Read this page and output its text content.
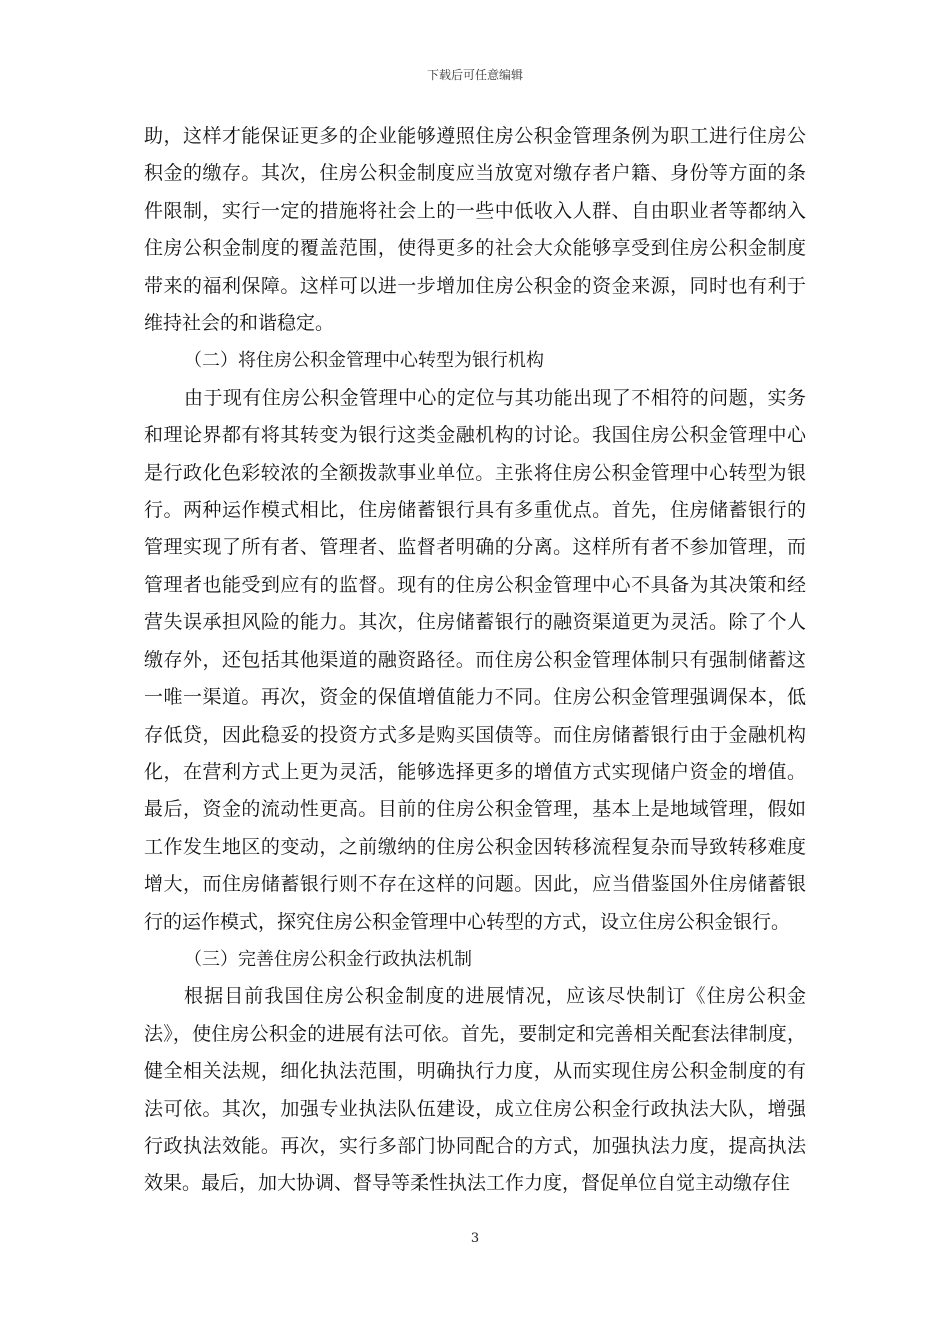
下载后可任意编辑

助，这样才能保证更多的企业能够遵照住房公积金管理条例为职工进行住房公积金的缴存。其次，住房公积金制度应当放宽对缴存者户籍、身份等方面的条件限制，实行一定的措施将社会上的一些中低收入人群、自由职业者等都纳入住房公积金制度的覆盖范围，使得更多的社会大众能够享受到住房公积金制度带来的福利保障。这样可以进一步增加住房公积金的资金来源，同时也有利于维持社会的和谐稳定。

（二）将住房公积金管理中心转型为银行机构

由于现有住房公积金管理中心的定位与其功能出现了不相符的问题，实务和理论界都有将其转变为银行这类金融机构的讨论。我国住房公积金管理中心是行政化色彩较浓的全额拨款事业单位。主张将住房公积金管理中心转型为银行。两种运作模式相比，住房储蓄银行具有多重优点。首先，住房储蓄银行的管理实现了所有者、管理者、监督者明确的分离。这样所有者不参加管理，而管理者也能受到应有的监督。现有的住房公积金管理中心不具备为其决策和经营失误承担风险的能力。其次，住房储蓄银行的融资渠道更为灵活。除了个人缴存外，还包括其他渠道的融资路径。而住房公积金管理体制只有强制储蓄这一唯一渠道。再次，资金的保值增值能力不同。住房公积金管理强调保本，低存低贷，因此稳妥的投资方式多是购买国债等。而住房储蓄银行由于金融机构化，在营利方式上更为灵活，能够选择更多的增值方式实现储户资金的增值。最后，资金的流动性更高。目前的住房公积金管理，基本上是地域管理，假如工作发生地区的变动，之前缴纳的住房公积金因转移流程复杂而导致转移难度增大，而住房储蓄银行则不存在这样的问题。因此，应当借鉴国外住房储蓄银行的运作模式，探究住房公积金管理中心转型的方式，设立住房公积金银行。

（三）完善住房公积金行政执法机制

根据目前我国住房公积金制度的进展情况，应该尽快制订《住房公积金法》，使住房公积金的进展有法可依。首先，要制定和完善相关配套法律制度，健全相关法规，细化执法范围，明确执行力度，从而实现住房公积金制度的有法可依。其次，加强专业执法队伍建设，成立住房公积金行政执法大队，增强行政执法效能。再次，实行多部门协同配合的方式，加强执法力度，提高执法效果。最后，加大协调、督导等柔性执法工作力度，督促单位自觉主动缴存住

3
